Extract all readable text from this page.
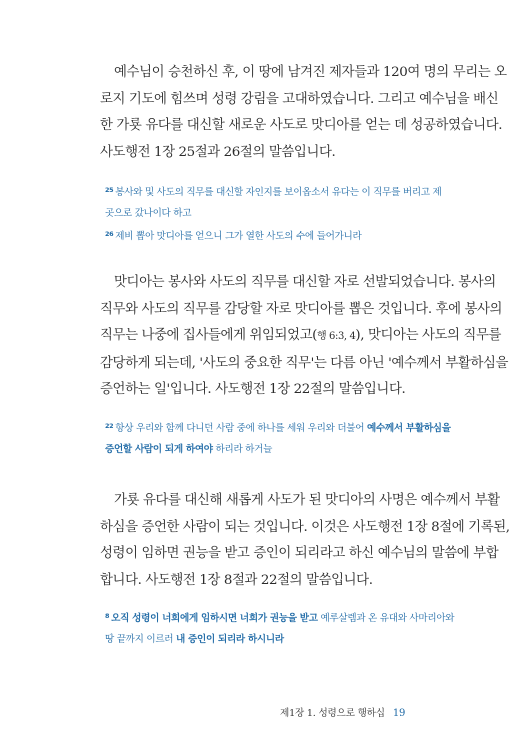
예수님이 승천하신 후, 이 땅에 남겨진 제자들과 120여 명의 무리는 오
로지 기도에 힘쓰며 성령 강림을 고대하였습니다. 그리고 예수님을 배신
한 가룟 유다를 대신할 새로운 사도로 맛디아를 얻는 데 성공하였습니다.
사도행전 1장 25절과 26절의 말씀입니다.

$^{25}$ 봉사와 및 사도의 직무를 대신할 자인지를 보이옵소서 유다는 이 직무를 버리고 제
곳으로 갔나이다 하고
$^{26}$ 제비 뽑아 맛디아를 얻으니 그가 열한 사도의 수에 들어가니라

맛디아는 봉사와 사도의 직무를 대신할 자로 선발되었습니다. 봉사의
직무와 사도의 직무를 감당할 자로 맛디아를 뽑은 것입니다. 후에 봉사의
직무는 나중에 집사들에게 위임되었고(행 6:3, 4), 맛디아는 사도의 직무를
감당하게 되는데, '사도의 중요한 직무'는 다름 아닌 '예수께서 부활하심을
증언하는 일'입니다. 사도행전 1장 22절의 말씀입니다.

$^{22}$ 항상 우리와 함께 다니던 사람 중에 하나를 세워 우리와 더불어 예수께서 부활하심을
증언할 사람이 되게 하여야 하리라 하거늘

가룟 유다를 대신해 새롭게 사도가 된 맛디아의 사명은 예수께서 부활
하심을 증언한 사람이 되는 것입니다. 이것은 사도행전 1장 8절에 기록된,
성령이 임하면 권능을 받고 증인이 되리라고 하신 예수님의 말씀에 부합
합니다. 사도행전 1장 8절과 22절의 말씀입니다.

$^8$ 오직 성령이 너희에게 임하시면 너희가 권능을 받고 예루살렘과 온 유대와 사마리아와
땅 끝까지 이르러 내 증인이 되리라 하시니라
제1장 1. 성령으로 행하십 19
